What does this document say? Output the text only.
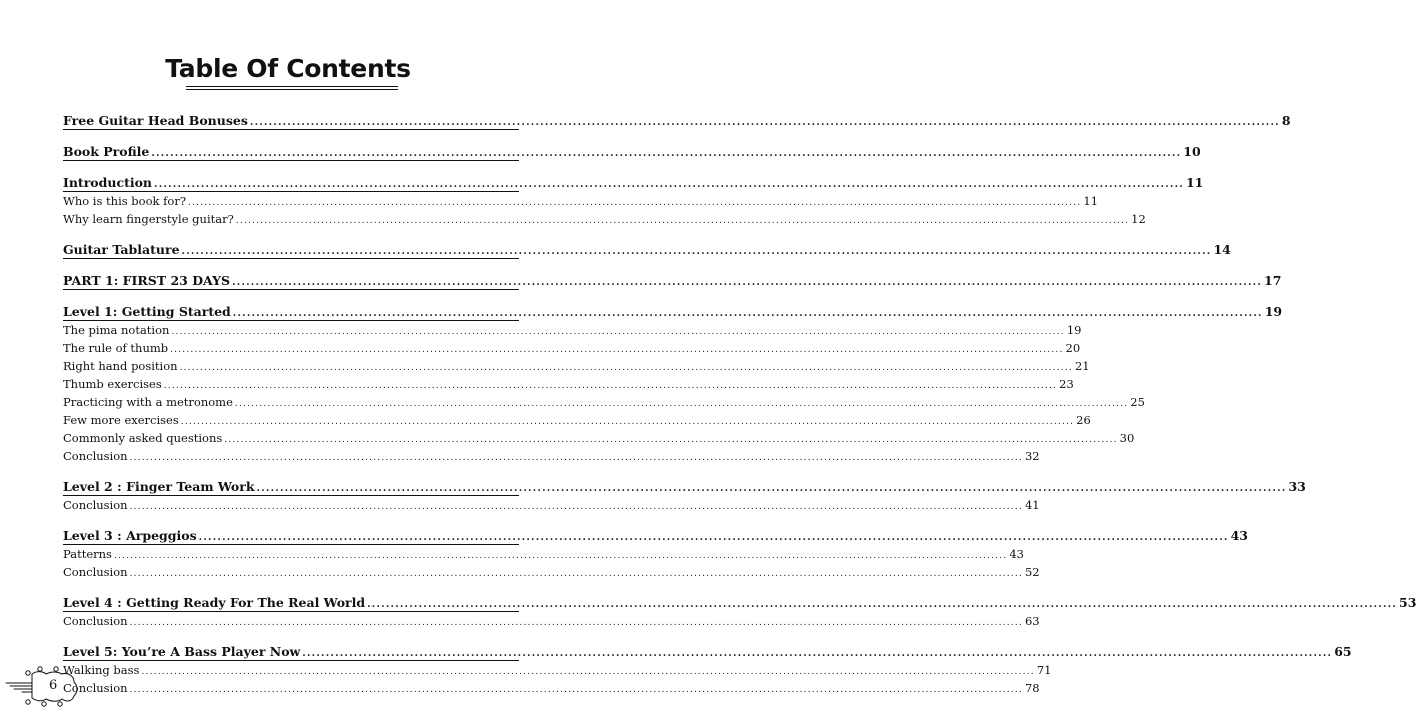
Table Of Contents
Free Guitar Head Bonuses ............................................................................................................................................................................................................................ 8
Book Profile ............................................................................................................................................................................................................................ 10
Introduction ............................................................................................................................................................................................................................ 11
Who is this book for? ............................................................................................................................................................................................................................ 11
Why learn fingerstyle guitar? ............................................................................................................................................................................................................................ 12
Guitar Tablature ............................................................................................................................................................................................................................ 14
PART 1: FIRST 23 DAYS ............................................................................................................................................................................................................................ 17
Level 1: Getting Started ............................................................................................................................................................................................................................ 19
The pima notation ............................................................................................................................................................................................................................ 19
The rule of thumb ............................................................................................................................................................................................................................ 20
Right hand position ............................................................................................................................................................................................................................ 21
Thumb exercises ............................................................................................................................................................................................................................ 23
Practicing with a metronome ............................................................................................................................................................................................................................ 25
Few more exercises ............................................................................................................................................................................................................................ 26
Commonly asked questions ............................................................................................................................................................................................................................ 30
Conclusion ............................................................................................................................................................................................................................ 32
Level 2 : Finger Team Work ............................................................................................................................................................................................................................ 33
Conclusion ............................................................................................................................................................................................................................ 41
Level 3 : Arpeggios ............................................................................................................................................................................................................................ 43
Patterns ............................................................................................................................................................................................................................ 43
Conclusion ............................................................................................................................................................................................................................ 52
Level 4 : Getting Ready For The Real World ............................................................................................................................................................................................................................ 53
Conclusion ............................................................................................................................................................................................................................ 63
Level 5: You’re A Bass Player Now ............................................................................................................................................................................................................................ 65
Walking bass ............................................................................................................................................................................................................................ 71
Conclusion ............................................................................................................................................................................................................................ 78
6
